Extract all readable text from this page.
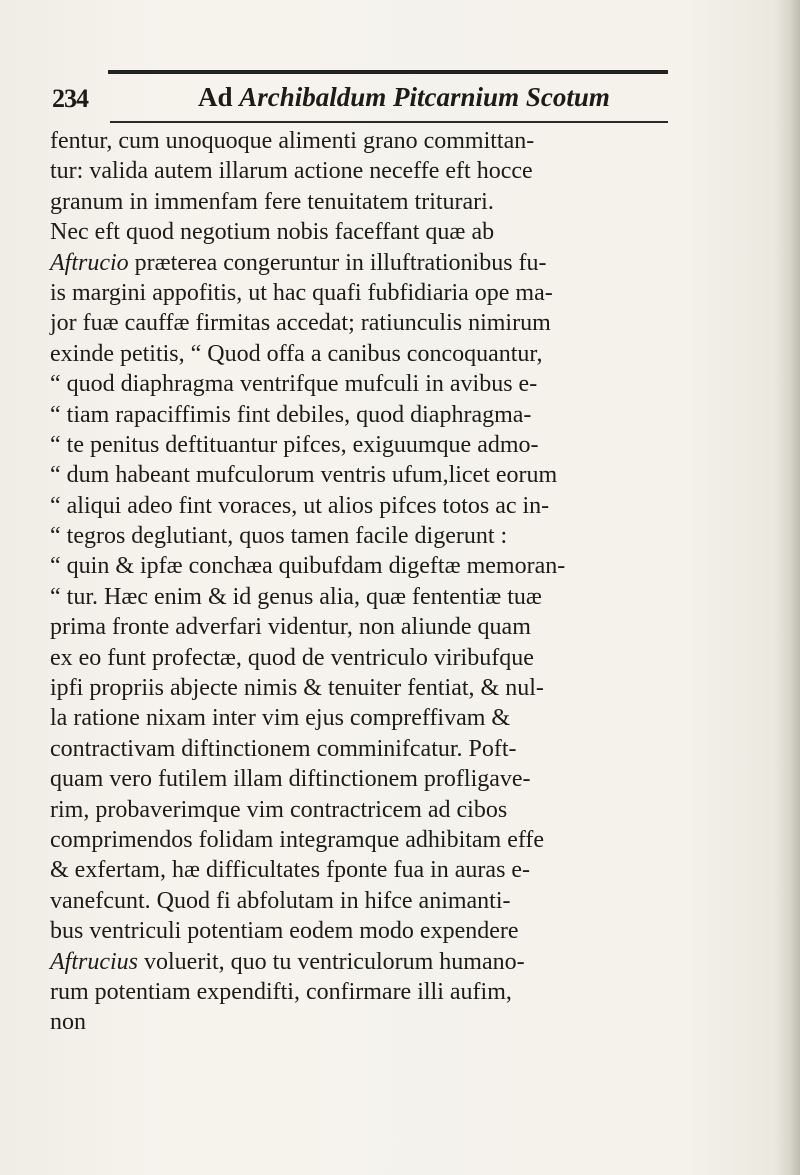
234	Ad Archibaldum Pitcarnium Scotum
fentur, cum unoquoque alimenti grano committan-
tur: valida autem illarum actione neceffe eft hocce
granum in immenfam fere tenuitatem triturari.
Nec eft quod negotium nobis faceffant quæ ab
Aftrucio præterea congeruntur in illuftrationibus fu-
is margini appofitis, ut hac quafi fubfidiaria ope ma-
jor fuæ cauffæ firmitas accedat; ratiunculis nimirum
exinde petitis, “ Quod offa a canibus concoquantur,
“ quod diaphragma ventrifque mufculi in avibus e-
“ tiam rapaciffimis fint debiles, quod diaphragma-
“ te penitus deftituantur pifces, exiguumque admo-
“ dum habeant mufculorum ventris ufum,licet eorum
“ aliqui adeo fint voraces, ut alios pifces totos ac in-
“ tegros deglutiant, quos tamen facile digerunt :
“ quin & ipfæ conchæa quibufdam digeftæ memoran-
“ tur. Hæc enim & id genus alia, quæ fententiæ tuæ
prima fronte adverfari videntur, non aliunde quam
ex eo funt profectæ, quod de ventriculo viribufque
ipfi propriis abjecte nimis & tenuiter fentiat, & nul-
la ratione nixam inter vim ejus compreffivam &
contractivam diftinctionem comminifcatur. Poft-
quam vero futilem illam diftinctionem profligave-
rim, probaverimque vim contractricem ad cibos
comprimendos folidam integramque adhibitam effe
& exfertam, hæ difficultates fponte fua in auras e-
vanefcunt. Quod fi abfolutam in hifce animanti-
bus ventriculi potentiam eodem modo expendere
Aftrucius voluerit, quo tu ventriculorum humano-
rum potentiam expendifti, confirmare illi aufim,
non
